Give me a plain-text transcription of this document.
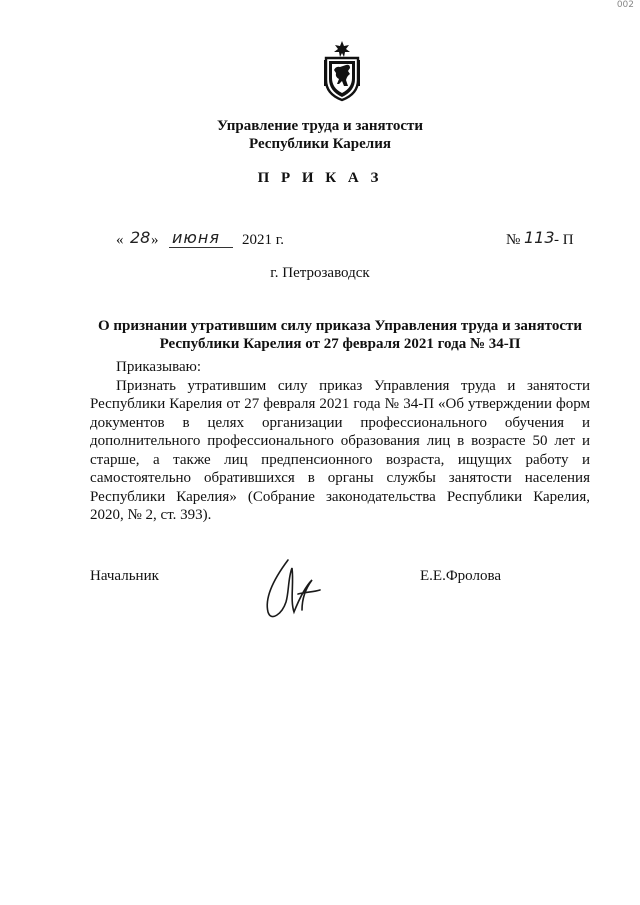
002
Управление труда и занятости
Республики Карелия
П Р И К А З
« 28 » июня 2021 г.	№ 113 - П
г. Петрозаводск
О признании утратившим силу приказа Управления труда и занятости
Республики Карелия от 27 февраля 2021 года № 34-П

Приказываю:

Признать утратившим силу приказ Управления труда и занятости Республики Карелия от 27 февраля 2021 года № 34-П «Об утверждении форм документов в целях организации профессионального обучения и дополнительного профессионального образования лиц в возрасте 50 лет и старше, а также лиц предпенсионного возраста, ищущих работу и самостоятельно обратившихся в органы службы занятости населения Республики Карелия» (Собрание законодательства Республики Карелия, 2020, № 2, ст. 393).

Начальник	Е.Е.Фролова
